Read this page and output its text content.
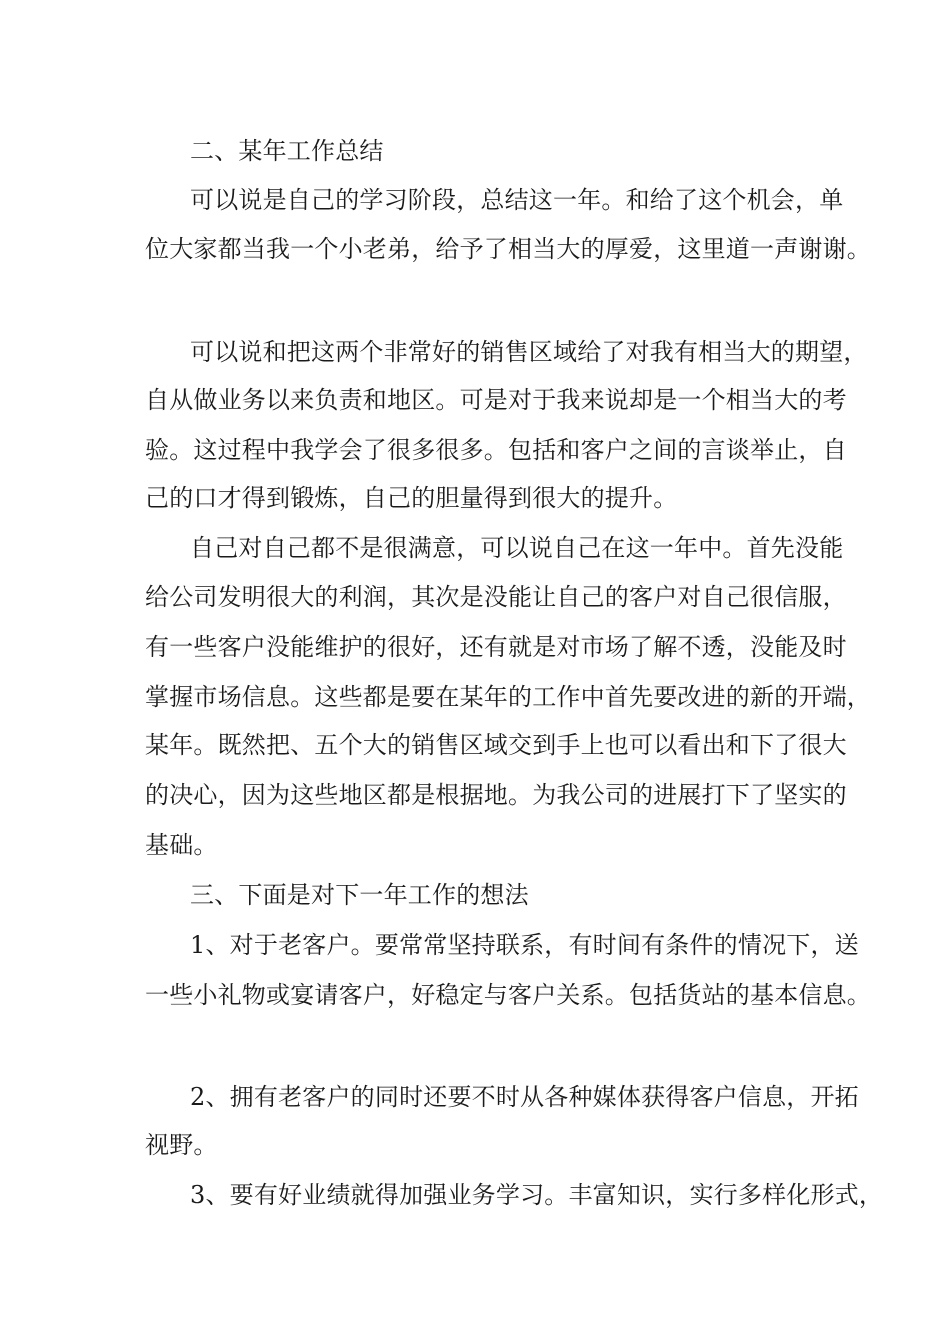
二、某年工作总结
可以说是自己的学习阶段，总结这一年。和给了这个机会，单
位大家都当我一个小老弟，给予了相当大的厚爱，这里道一声谢谢。
可以说和把这两个非常好的销售区域给了对我有相当大的期望，
自从做业务以来负责和地区。可是对于我来说却是一个相当大的考
验。这过程中我学会了很多很多。包括和客户之间的言谈举止，自
己的口才得到锻炼，自己的胆量得到很大的提升。
自己对自己都不是很满意，可以说自己在这一年中。首先没能
给公司发明很大的利润，其次是没能让自己的客户对自己很信服，
有一些客户没能维护的很好，还有就是对市场了解不透，没能及时
掌握市场信息。这些都是要在某年的工作中首先要改进的新的开端，
某年。既然把、五个大的销售区域交到手上也可以看出和下了很大
的决心，因为这些地区都是根据地。为我公司的进展打下了坚实的
基础。
三、下面是对下一年工作的想法
1、对于老客户。要常常坚持联系，有时间有条件的情况下，送
一些小礼物或宴请客户，好稳定与客户关系。包括货站的基本信息。
2、拥有老客户的同时还要不时从各种媒体获得客户信息，开拓
视野。
3、要有好业绩就得加强业务学习。丰富知识，实行多样化形式，
